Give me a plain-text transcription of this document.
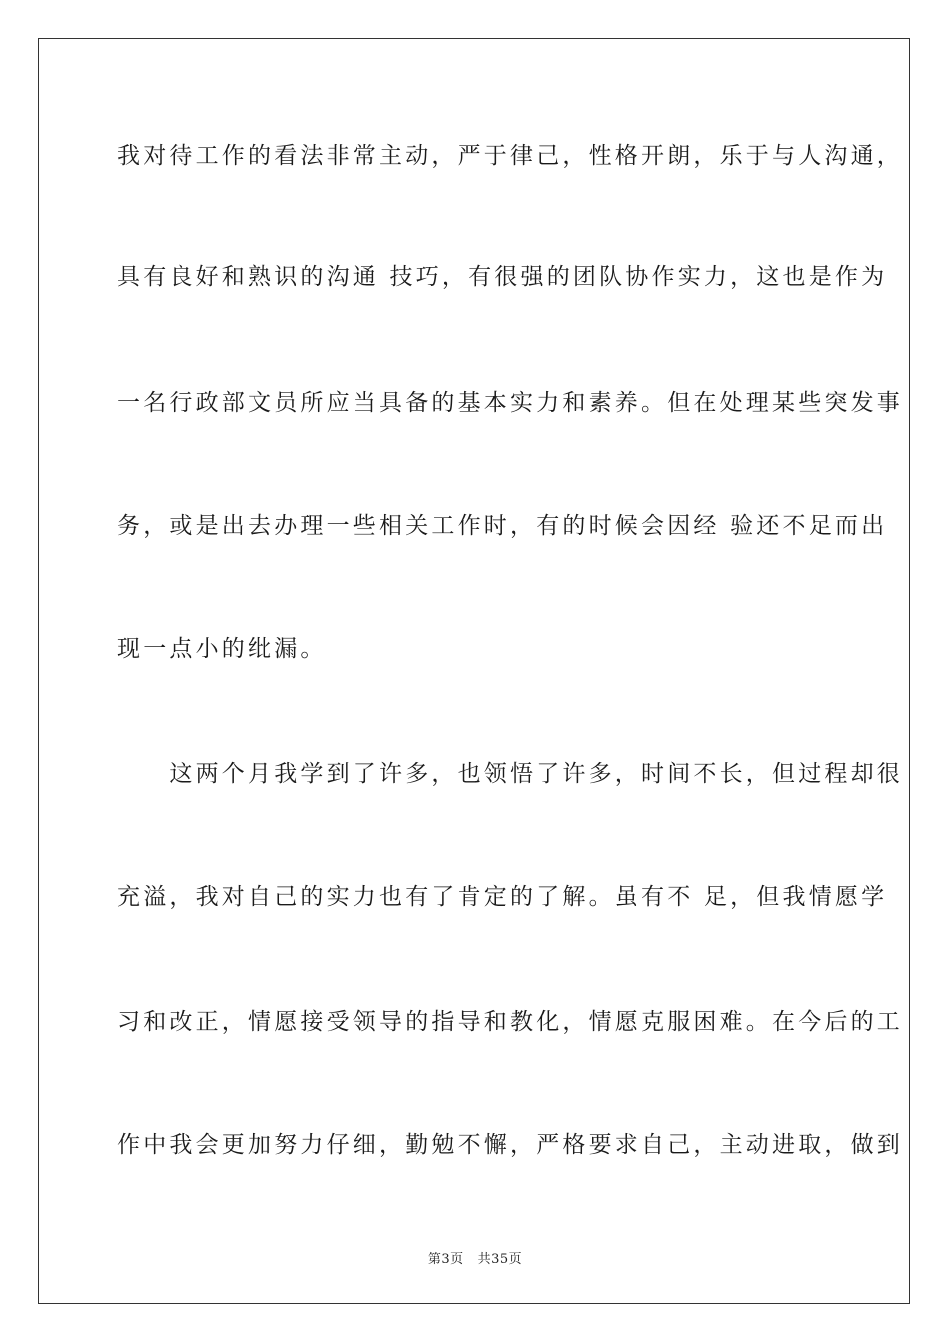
我对待工作的看法非常主动，严于律己，性格开朗，乐于与人沟通，
具有良好和熟识的沟通 技巧，有很强的团队协作实力，这也是作为
一名行政部文员所应当具备的基本实力和素养。但在处理某些突发事
务，或是出去办理一些相关工作时，有的时候会因经 验还不足而出
现一点小的纰漏。
　　这两个月我学到了许多，也领悟了许多，时间不长，但过程却很
充溢，我对自己的实力也有了肯定的了解。虽有不 足，但我情愿学
习和改正，情愿接受领导的指导和教化，情愿克服困难。在今后的工
作中我会更加努力仔细，勤勉不懈，严格要求自己，主动进取，做到
第3页 共35页
